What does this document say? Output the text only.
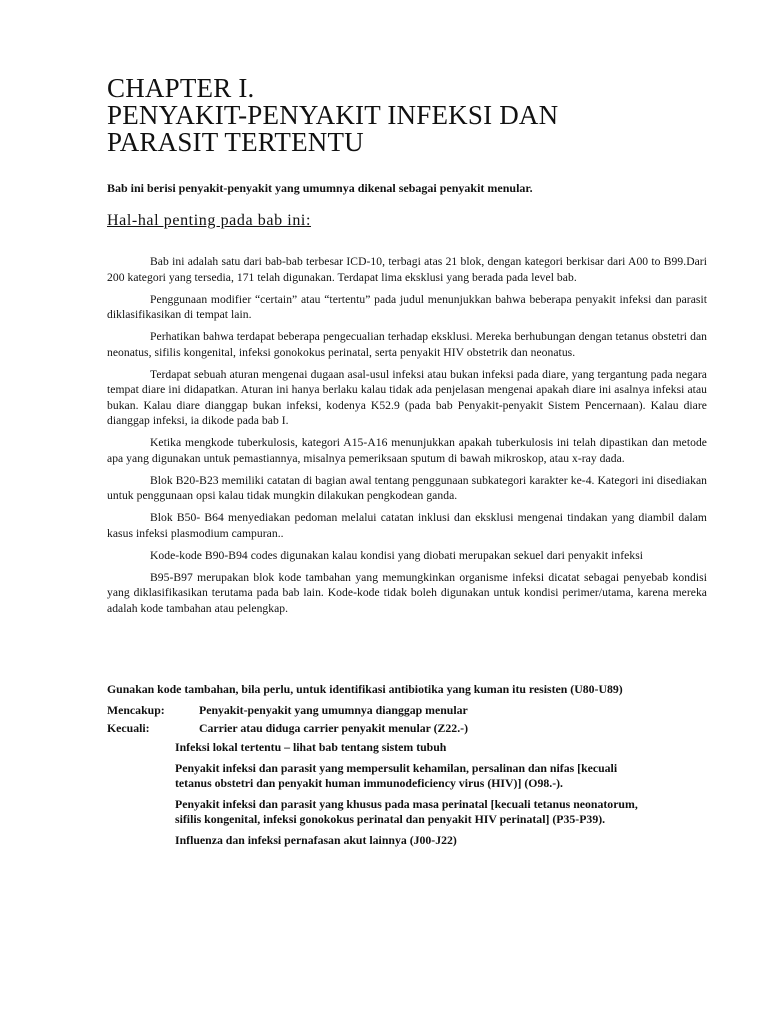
CHAPTER I.
PENYAKIT-PENYAKIT INFEKSI DAN
PARASIT TERTENTU
Bab ini berisi penyakit-penyakit yang umumnya dikenal sebagai penyakit menular.
Hal-hal penting pada bab ini:

Bab ini adalah satu dari bab-bab terbesar ICD-10, terbagi atas 21 blok, dengan kategori berkisar dari A00 to B99.Dari 200 kategori yang tersedia, 171 telah digunakan. Terdapat lima eksklusi yang berada pada level bab.

Penggunaan modifier “certain” atau “tertentu” pada judul menunjukkan bahwa beberapa penyakit infeksi dan parasit diklasifikasikan di tempat lain.

Perhatikan bahwa terdapat beberapa pengecualian terhadap eksklusi. Mereka berhubungan dengan tetanus obstetri dan neonatus, sifilis kongenital, infeksi gonokokus perinatal, serta penyakit HIV obstetrik dan neonatus.

Terdapat sebuah aturan mengenai dugaan asal-usul infeksi atau bukan infeksi pada diare, yang tergantung pada negara tempat diare ini didapatkan. Aturan ini hanya berlaku kalau tidak ada penjelasan mengenai apakah diare ini asalnya infeksi atau bukan. Kalau diare dianggap bukan infeksi, kodenya K52.9 (pada bab Penyakit-penyakit Sistem Pencernaan). Kalau diare dianggap infeksi, ia dikode pada bab I.

Ketika mengkode tuberkulosis, kategori A15-A16 menunjukkan apakah tuberkulosis ini telah dipastikan dan metode apa yang digunakan untuk pemastiannya, misalnya pemeriksaan sputum di bawah mikroskop, atau x-ray dada.

Blok B20-B23 memiliki catatan di bagian awal tentang penggunaan subkategori karakter ke-4. Kategori ini disediakan untuk penggunaan opsi kalau tidak mungkin dilakukan pengkodean ganda.

Blok B50- B64 menyediakan pedoman melalui catatan inklusi dan eksklusi mengenai tindakan yang diambil dalam kasus infeksi plasmodium campuran..

Kode-kode B90-B94 codes digunakan kalau kondisi yang diobati merupakan sekuel dari penyakit infeksi

B95-B97 merupakan blok kode tambahan yang memungkinkan organisme infeksi dicatat sebagai penyebab kondisi yang diklasifikasikan terutama pada bab lain. Kode-kode tidak boleh digunakan untuk kondisi perimer/utama, karena mereka adalah kode tambahan atau pelengkap.

Gunakan kode tambahan, bila perlu, untuk identifikasi antibiotika yang kuman itu resisten (U80-U89)
Mencakup:	Penyakit-penyakit yang umumnya dianggap menular
Kecuali:	Carrier atau diduga carrier penyakit menular (Z22.-)
Infeksi lokal tertentu – lihat bab tentang sistem tubuh
Penyakit infeksi dan parasit yang mempersulit kehamilan, persalinan dan nifas [kecuali tetanus obstetri dan penyakit human immunodeficiency virus (HIV)] (O98.-).
Penyakit infeksi dan parasit yang khusus pada masa perinatal [kecuali tetanus neonatorum, sifilis kongenital, infeksi gonokokus perinatal dan penyakit HIV perinatal] (P35-P39).
Influenza dan infeksi pernafasan akut lainnya (J00-J22)
